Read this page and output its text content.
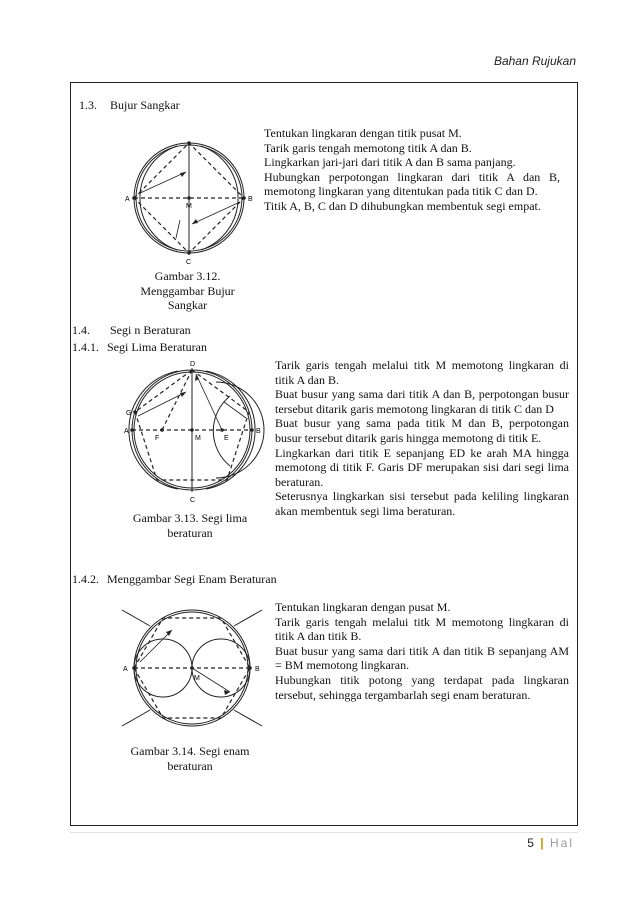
Bahan Rujukan
1.3. Bujur Sangkar
A	B
C
M
Gambar 3.12.
Menggambar Bujur
Sangkar
Tentukan lingkaran dengan titik pusat M.
Tarik garis tengah memotong titik A dan B.
Lingkarkan jari-jari dari titik A dan B sama panjang.
Hubungkan perpotongan lingkaran dari titik A dan B, memotong lingkaran yang ditentukan pada titik C dan D.
Titik A, B, C dan D dihubungkan membentuk segi empat.
1.4. Segi n Beraturan
1.4.1. Segi Lima Beraturan
D
A	B
C
G
F	M	E
Gambar 3.13. Segi lima
beraturan
Tarik garis tengah melalui titk M memotong lingkaran di titik A dan B.
Buat busur yang sama dari titik A dan B, perpotongan busur tersebut ditarik garis memotong lingkaran di titik C dan D
Buat busur yang sama pada titik M dan B, perpotongan busur tersebut ditarik garis hingga memotong di titik E.
Lingkarkan dari titik E sepanjang ED ke arah MA hingga memotong di titik F. Garis DF merupakan sisi dari segi lima beraturan.
Seterusnya lingkarkan sisi tersebut pada keliling lingkaran akan membentuk segi lima beraturan.
1.4.2. Menggambar Segi Enam Beraturan
A	B
M
Gambar 3.14. Segi enam
beraturan
Tentukan lingkaran dengan pusat M.
Tarik garis tengah melalui titk M memotong lingkaran di titik A dan titik B.
Buat busur yang sama dari titik A dan titik B sepanjang AM = BM memotong lingkaran.
Hubungkan titik potong yang terdapat pada lingkaran tersebut, sehingga tergambarlah segi enam beraturan.
5 | Hal
